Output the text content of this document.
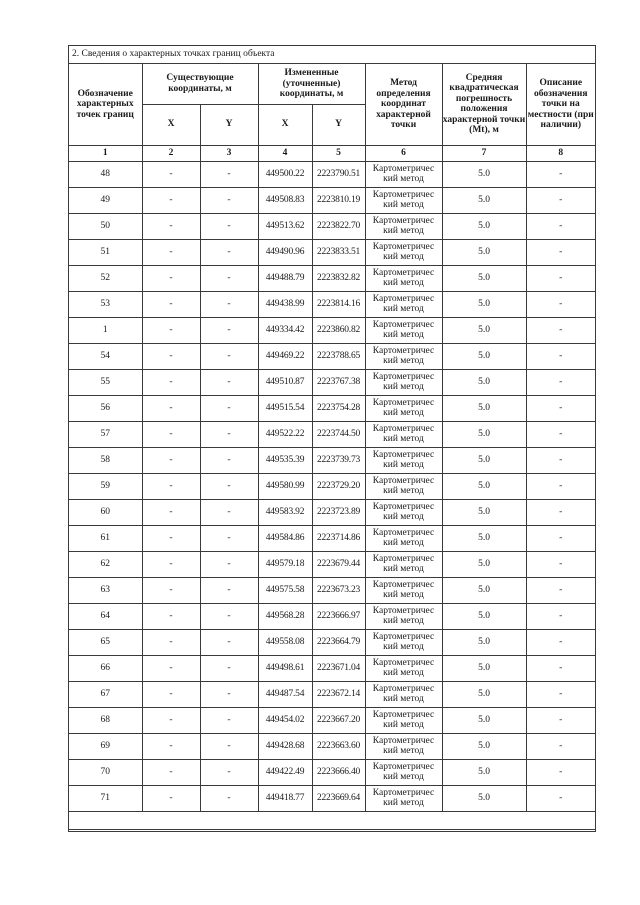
2. Сведения о характерных точках границ объекта
Обозначение характерных точек границ	Существующие координаты, м		Измененные (уточненные) координаты, м		Метод определения координат характерной точки	Средняя квадратическая погрешность положения характерной точки (Mt), м	Описание обозначения точки на местности (при наличии)
	X	Y	X	Y			
1	2	3	4	5	6	7	8
48	-	-	449500.22	2223790.51	Картометричес кий метод	5.0	-
49	-	-	449508.83	2223810.19	Картометричес кий метод	5.0	-
50	-	-	449513.62	2223822.70	Картометричес кий метод	5.0	-
51	-	-	449490.96	2223833.51	Картометричес кий метод	5.0	-
52	-	-	449488.79	2223832.82	Картометричес кий метод	5.0	-
53	-	-	449438.99	2223814.16	Картометричес кий метод	5.0	-
1	-	-	449334.42	2223860.82	Картометричес кий метод	5.0	-
54	-	-	449469.22	2223788.65	Картометричес кий метод	5.0	-
55	-	-	449510.87	2223767.38	Картометричес кий метод	5.0	-
56	-	-	449515.54	2223754.28	Картометричес кий метод	5.0	-
57	-	-	449522.22	2223744.50	Картометричес кий метод	5.0	-
58	-	-	449535.39	2223739.73	Картометричес кий метод	5.0	-
59	-	-	449580.99	2223729.20	Картометричес кий метод	5.0	-
60	-	-	449583.92	2223723.89	Картометричес кий метод	5.0	-
61	-	-	449584.86	2223714.86	Картометричес кий метод	5.0	-
62	-	-	449579.18	2223679.44	Картометричес кий метод	5.0	-
63	-	-	449575.58	2223673.23	Картометричес кий метод	5.0	-
64	-	-	449568.28	2223666.97	Картометричес кий метод	5.0	-
65	-	-	449558.08	2223664.79	Картометричес кий метод	5.0	-
66	-	-	449498.61	2223671.04	Картометричес кий метод	5.0	-
67	-	-	449487.54	2223672.14	Картометричес кий метод	5.0	-
68	-	-	449454.02	2223667.20	Картометричес кий метод	5.0	-
69	-	-	449428.68	2223663.60	Картометричес кий метод	5.0	-
70	-	-	449422.49	2223666.40	Картометричес кий метод	5.0	-
71	-	-	449418.77	2223669.64	Картометричес кий метод	5.0	-
